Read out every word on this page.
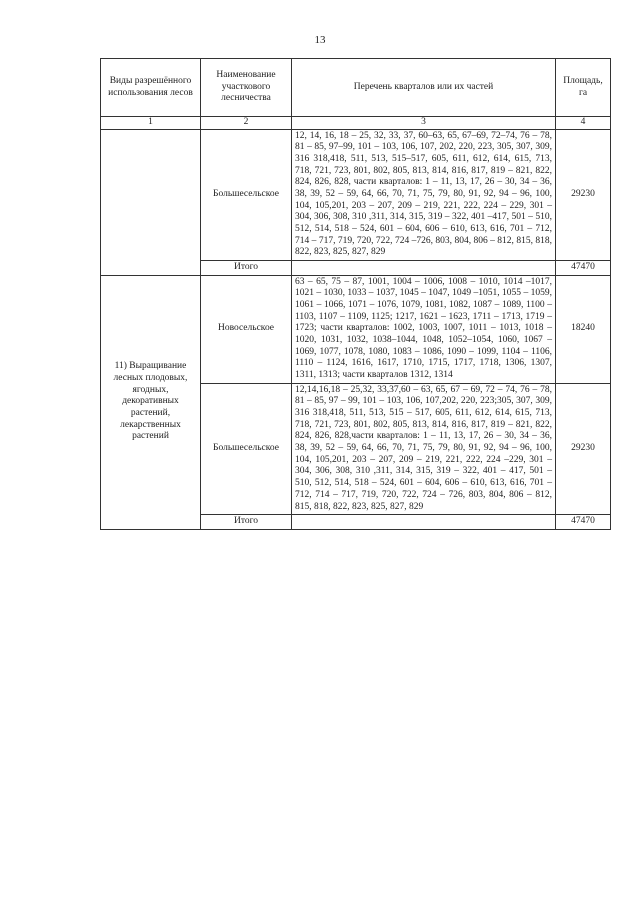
13
Виды разрешённого использования лесов	Наименование участкового лесничества	Перечень кварталов или их частей	Площадь, га
1	2	3	4
	Большесельское	12, 14, 16, 18 – 25, 32, 33, 37, 60–63, 65, 67–69, 72–74, 76 – 78, 81 – 85, 97–99, 101 – 103, 106, 107, 202, 220, 223, 305, 307, 309, 316 318,418, 511, 513, 515–517, 605, 611, 612, 614, 615, 713, 718, 721, 723, 801, 802, 805, 813, 814, 816, 817, 819 – 821, 822, 824, 826, 828, части кварталов: 1 – 11, 13, 17, 26 – 30, 34 – 36, 38, 39, 52 – 59, 64, 66, 70, 71, 75, 79, 80, 91, 92, 94 – 96, 100, 104, 105,201, 203 – 207, 209 – 219, 221, 222, 224 – 229, 301 – 304, 306, 308, 310 ,311, 314, 315, 319 – 322, 401 –417, 501 – 510, 512, 514, 518 – 524, 601 – 604, 606 – 610, 613, 616, 701 – 712, 714 – 717, 719, 720, 722, 724 –726, 803, 804, 806 – 812, 815, 818, 822, 823, 825, 827, 829	29230
	Итого		47470
11) Выращивание лесных плодовых, ягодных, декоративных растений, лекарственных растений	Новосельское	63 – 65, 75 – 87, 1001, 1004 – 1006, 1008 – 1010, 1014 –1017, 1021 – 1030, 1033 – 1037, 1045 – 1047, 1049 –1051, 1055 – 1059, 1061 – 1066, 1071 – 1076, 1079, 1081, 1082, 1087 – 1089, 1100 – 1103, 1107 – 1109, 1125; 1217, 1621 – 1623, 1711 – 1713, 1719 – 1723; части кварталов: 1002, 1003, 1007, 1011 – 1013, 1018 –1020, 1031, 1032, 1038–1044, 1048, 1052–1054, 1060, 1067 – 1069, 1077, 1078, 1080, 1083 – 1086, 1090 – 1099, 1104 – 1106, 1110 – 1124, 1616, 1617, 1710, 1715, 1717, 1718, 1306, 1307, 1311, 1313; части кварталов 1312, 1314	18240
	Большесельское	12,14,16,18 – 25,32, 33,37,60 – 63, 65, 67 – 69, 72 – 74, 76 – 78, 81 – 85, 97 – 99, 101 – 103, 106, 107,202, 220, 223;305, 307, 309, 316 318,418, 511, 513, 515 – 517, 605, 611, 612, 614, 615, 713, 718, 721, 723, 801, 802, 805, 813, 814, 816, 817, 819 – 821, 822, 824, 826, 828,части кварталов: 1 – 11, 13, 17, 26 – 30, 34 – 36, 38, 39, 52 – 59, 64, 66, 70, 71, 75, 79, 80, 91, 92, 94 – 96, 100, 104, 105,201, 203 – 207, 209 – 219, 221, 222, 224 –229, 301 – 304, 306, 308, 310 ,311, 314, 315, 319 – 322, 401 – 417, 501 – 510, 512, 514, 518 – 524, 601 – 604, 606 – 610, 613, 616, 701 – 712, 714 – 717, 719, 720, 722, 724 – 726, 803, 804, 806 – 812, 815, 818, 822, 823, 825, 827, 829	29230
	Итого		47470
